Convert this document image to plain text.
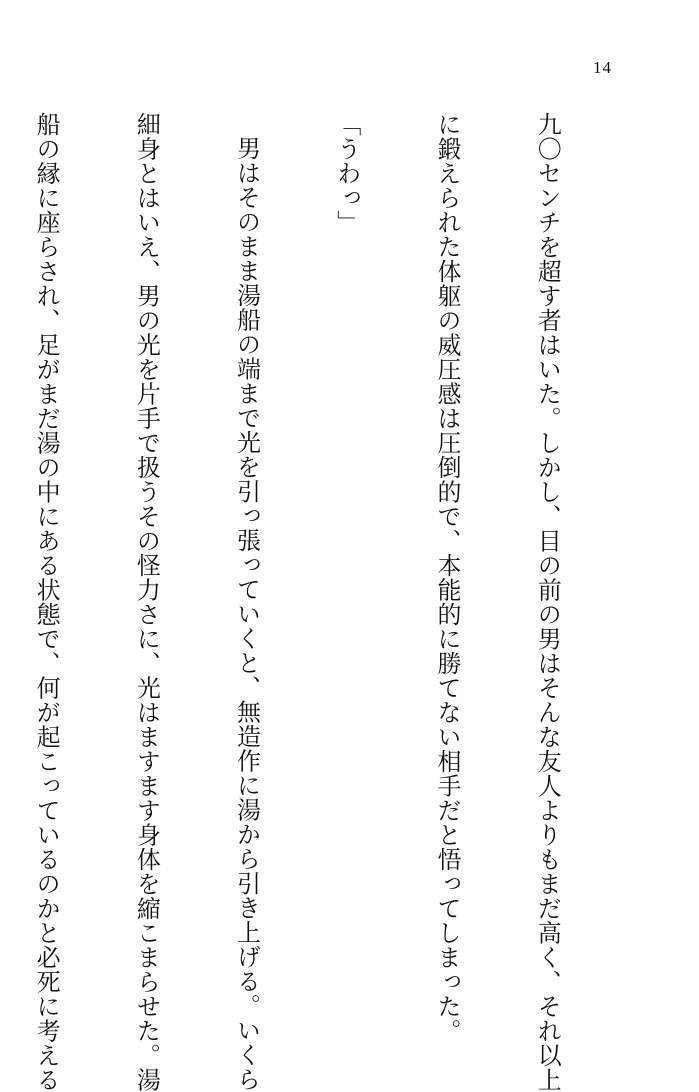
14

九〇センチを超す者はいた。しかし、目の前の男はそんな友人よりもまだ高く、それ以上

に鍛えられた体躯の威圧感は圧倒的で、本能的に勝てない相手だと悟ってしまった。

「うわっ」

男はそのまま湯船の端まで光を引っ張っていくと、無造作に湯から引き上げる。いくら

細身とはいえ、男の光を片手で扱うその怪力さに、光はますます身体を縮こまらせた。湯

船の縁に座らされ、足がまだ湯の中にある状態で、何が起こっているのかと必死に考える
